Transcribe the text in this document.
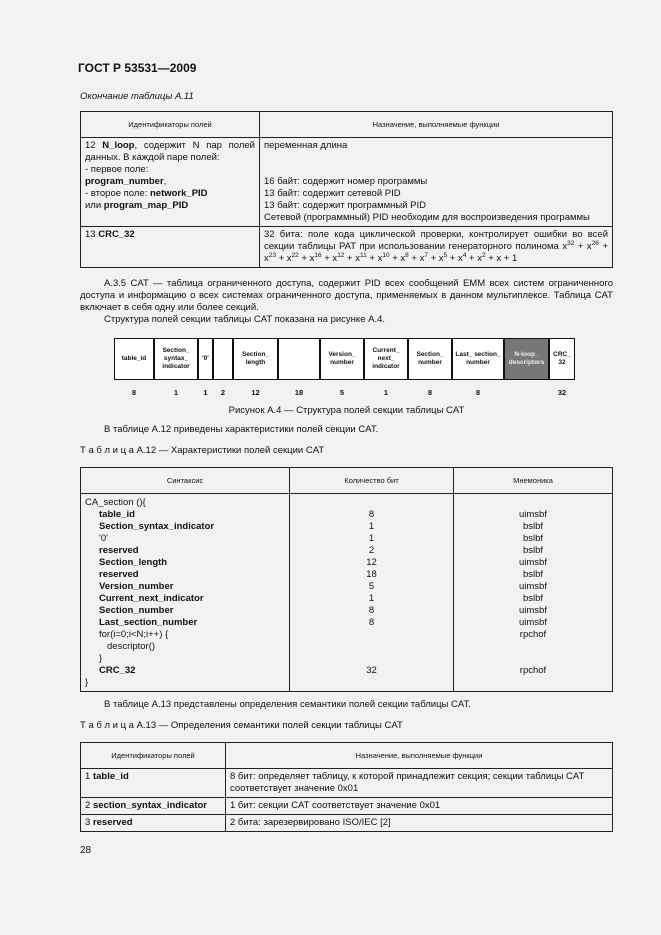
ГОСТ Р 53531—2009
Окончание таблицы А.11
Идентификаторы полей	Назначение, выполняемые функции
12 N_loop, содержит N пар полей данных. В каждой паре полей:
- первое поле:
program_number,
- второе поле: network_PID
или program_map_PID	переменная длина

16 байт: содержит номер программы
13 байт: содержит сетевой PID
13 байт: содержит программный PID
Сетевой (программный) PID необходим для воспроизведения программы
13 CRC_32	32 бита: поле кода циклической проверки, контролирует ошибки во всей секции таблицы PAT при использовании генераторного полинома $x^{32} + x^{26} + x^{23} + x^{22} + x^{16} + x^{12} + x^{11} + x^{10} + x^8 + x^7 + x^5 + x^4 + x^2 + x + 1$
А.3.5 CAT — таблица ограниченного доступа, содержит PID всех сообщений EMM всех систем ограниченного доступа и информацию о всех системах ограниченного доступа, применяемых в данном мультиплексе. Таблица CAT включает в себя одну или более секций.
Структура полей секции таблицы CAT показана на рисунке А.4.
table_id
Section_ syntax_ indicator
'0'
Section_ length
Version_ number
Current_ next_ indicator
Section_ number
Last_ section_ number
N-loop_ descriptors
CRC_ 32
8	1	1	2	12	18	5	1	8	8	32
Рисунок А.4 — Структура полей секции таблицы CAT
В таблице А.12 приведены характеристики полей секции CAT.
Т а б л и ц а А.12 — Характеристики полей секции CAT
Синтаксис	Количество бит	Мнемоника
CA_section (){		
table_id	8	uimsbf
Section_syntax_indicator	1	bslbf
'0'	1	bslbf
reserved	2	bslbf
Section_length	12	uimsbf
reserved	18	bslbf
Version_number	5	uimsbf
Current_next_indicator	1	bslbf
Section_number	8	uimsbf
Last_section_number	8	uimsbf
for(i=0;i<N;i++) {		rpchof
descriptor()		
}		
CRC_32	32	rpchof
}		
В таблице А.13 представлены определения семантики полей секции таблицы CAT.
Т а б л и ц а А.13 — Определения семантики полей секции таблицы CAT
Идентификаторы полей	Назначение, выполняемые функции
1 table_id	8 бит: определяет таблицу, к которой принадлежит секция; секции таблицы CAT соответствует значение 0x01
2 section_syntax_indicator	1 бит: секции CAT соответствует значение 0x01
3 reserved	2 бита: зарезервировано ISO/IEC [2]
28
